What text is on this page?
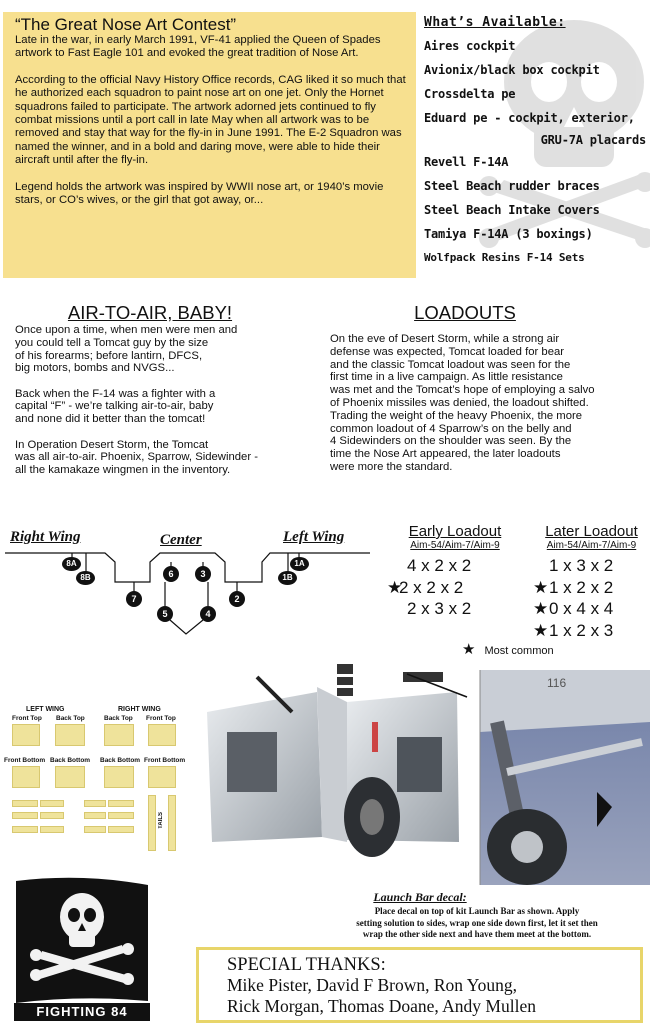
“The Great Nose Art Contest”

Late in the war, in early March 1991, VF-41 applied the Queen of Spades artwork to Fast Eagle 101 and evoked the great tradition of Nose Art.

According to the official Navy History Office records, CAG liked it so much that he authorized each squadron to paint nose art on one jet. Only the Hornet squadrons failed to participate. The artwork adorned jets continued to fly combat missions until a port call in late May when all artwork was to be removed and stay that way for the fly-in in June 1991. The E-2 Squadron was named the winner, and in a bold and daring move, were able to hide their aircraft until after the fly-in.

Legend holds the artwork was inspired by WWII nose art, or 1940’s movie stars, or CO’s wives, or the girl that got away, or...

What’s Available:
Aires cockpit
Avionix/black box cockpit
Crossdelta pe
Eduard pe - cockpit, exterior,
GRU-7A placards
Revell F-14A
Steel Beach rudder braces
Steel Beach Intake Covers
Tamiya F-14A (3 boxings)
Wolfpack Resins F-14 Sets
AIR-TO-AIR, BABY!

Once upon a time, when men were men and
you could tell a Tomcat guy by the size
of his forearms; before lantirn, DFCS,
big motors, bombs and NVGS...

Back when the F-14 was a fighter with a
capital “F” - we’re talking air-to-air, baby
and none did it better than the tomcat!

In Operation Desert Storm, the Tomcat
was all air-to-air. Phoenix, Sparrow, Sidewinder -
all the kamakaze wingmen in the inventory.

LOADOUTS
On the eve of Desert Storm, while a strong air
defense was expected, Tomcat loaded for bear
and the classic Tomcat loadout was seen for the
first time in a live campaign. As little resistance
was met and the Tomcat’s hope of employing a salvo
of Phoenix missiles was denied, the loadout shifted.
Trading the weight of the heavy Phoenix, the more
common loadout of 4 Sparrow’s on the belly and
4 Sidewinders on the shoulder was seen. By the
time the Nose Art appeared, the later loadouts
were more the standard.
Right Wing	Center	Left Wing
8A
8B
7
6
5
3
4
2
1B
1A
Early Loadout
Aim-54/Aim-7/Aim-9
4 x 2 x 2
★2 x 2 x 2
2 x 3 x 2
Later Loadout
Aim-54/Aim-7/Aim-9
1 x 3 x 2
★1 x 2 x 2
★0 x 4 x 4
★1 x 2 x 3
★ Most common
LEFT WING	RIGHT WING
Front Top Back Top	Back Top Front Top
Front Bottom Back Bottom Back Bottom Front Bottom
TAILS
116
FIGHTING 84
Launch Bar decal:
Place decal on top of kit Launch Bar as shown. Apply
setting solution to sides, wrap one side down first, let it set then
wrap the other side next and have them meet at the bottom.
SPECIAL THANKS:
Mike Pister, David F Brown, Ron Young,
Rick Morgan, Thomas Doane, Andy Mullen
